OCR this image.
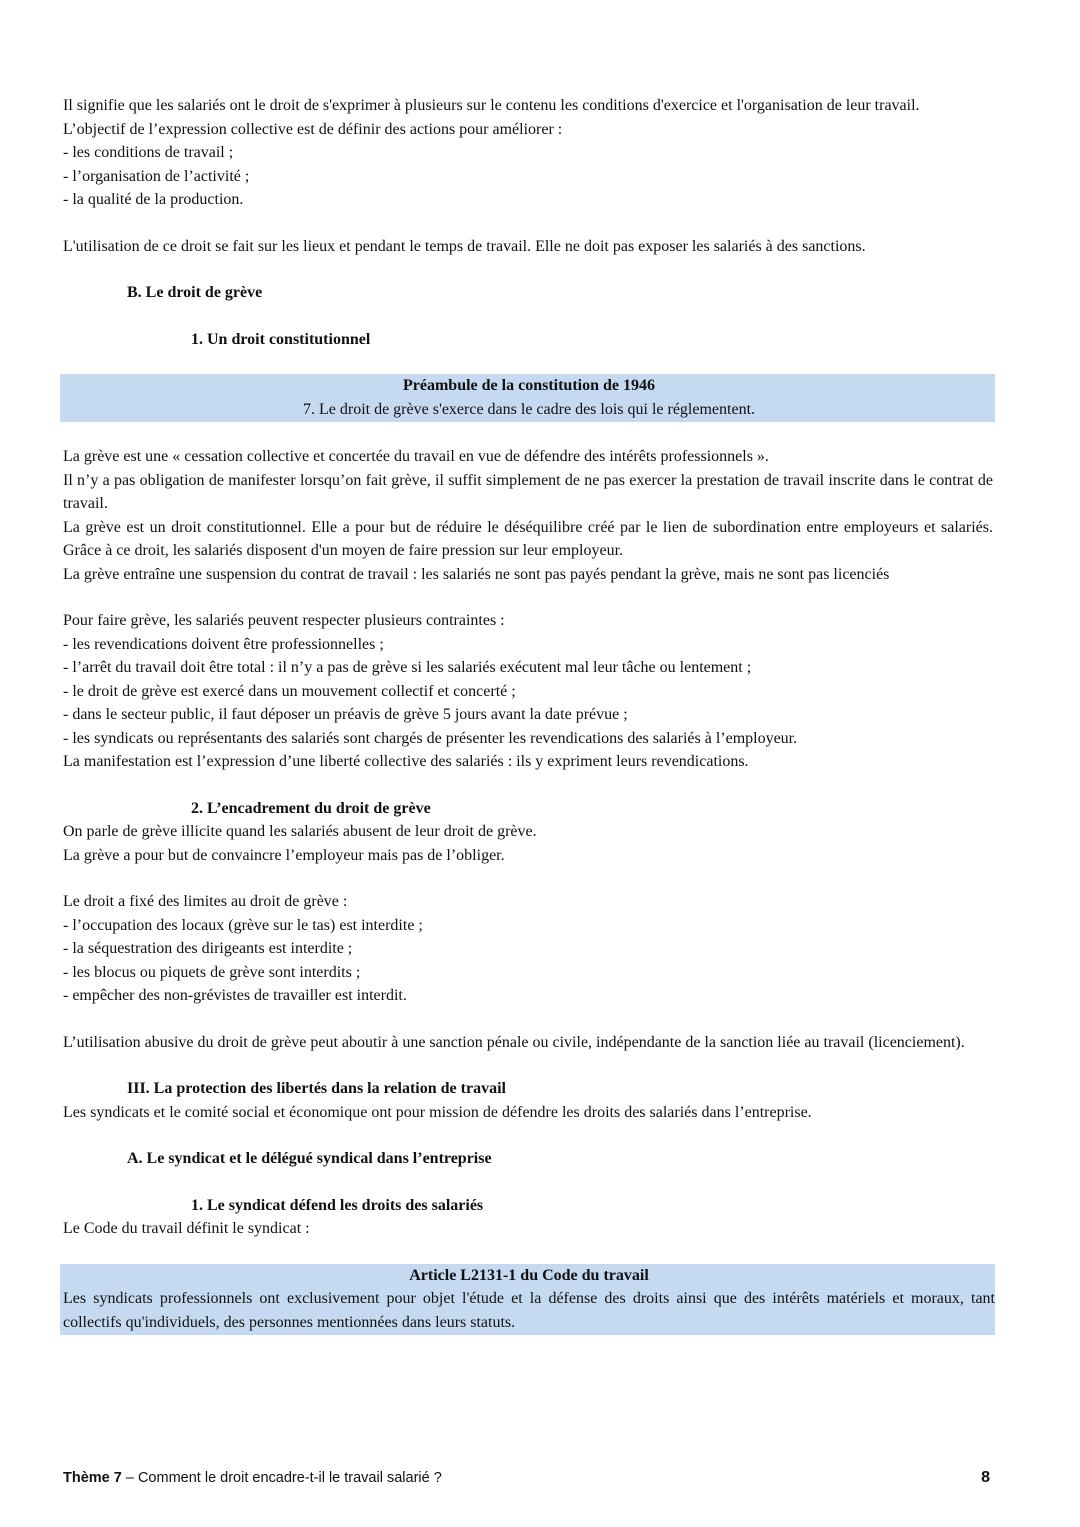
Il signifie que les salariés ont le droit de s'exprimer à plusieurs sur le contenu les conditions d'exercice et l'organisation de leur travail.

L’objectif de l’expression collective est de définir des actions pour améliorer :

- les conditions de travail ;

- l’organisation de l’activité ;

- la qualité de la production.

L'utilisation de ce droit se fait sur les lieux et pendant le temps de travail. Elle ne doit pas exposer les salariés à des sanctions.

B. Le droit de grève
1. Un droit constitutionnel
Préambule de la constitution de 1946
7. Le droit de grève s'exerce dans le cadre des lois qui le réglementent.

La grève est une « cessation collective et concertée du travail en vue de défendre des intérêts professionnels ».

Il n’y a pas obligation de manifester lorsqu’on fait grève, il suffit simplement de ne pas exercer la prestation de travail inscrite dans le contrat de travail.

La grève est un droit constitutionnel. Elle a pour but de réduire le déséquilibre créé par le lien de subordination entre employeurs et salariés. Grâce à ce droit, les salariés disposent d'un moyen de faire pression sur leur employeur.

La grève entraîne une suspension du contrat de travail : les salariés ne sont pas payés pendant la grève, mais ne sont pas licenciés

Pour faire grève, les salariés peuvent respecter plusieurs contraintes :

- les revendications doivent être professionnelles ;

- l’arrêt du travail doit être total : il n’y a pas de grève si les salariés exécutent mal leur tâche ou lentement ;

- le droit de grève est exercé dans un mouvement collectif et concerté ;

- dans le secteur public, il faut déposer un préavis de grève 5 jours avant la date prévue ;

- les syndicats ou représentants des salariés sont chargés de présenter les revendications des salariés à l’employeur.

La manifestation est l’expression d’une liberté collective des salariés : ils y expriment leurs revendications.

2. L’encadrement du droit de grève

On parle de grève illicite quand les salariés abusent de leur droit de grève.

La grève a pour but de convaincre l’employeur mais pas de l’obliger.

Le droit a fixé des limites au droit de grève :

- l’occupation des locaux (grève sur le tas) est interdite ;

- la séquestration des dirigeants est interdite ;

- les blocus ou piquets de grève sont interdits ;

- empêcher des non-grévistes de travailler est interdit.

L’utilisation abusive du droit de grève peut aboutir à une sanction pénale ou civile, indépendante de la sanction liée au travail (licenciement).

III. La protection des libertés dans la relation de travail

Les syndicats et le comité social et économique ont pour mission de défendre les droits des salariés dans l’entreprise.

A. Le syndicat et le délégué syndical dans l’entreprise
1. Le syndicat défend les droits des salariés

Le Code du travail définit le syndicat :

Article L2131-1 du Code du travail
Les syndicats professionnels ont exclusivement pour objet l'étude et la défense des droits ainsi que des intérêts matériels et moraux, tant collectifs qu'individuels, des personnes mentionnées dans leurs statuts.
Thème 7 – Comment le droit encadre-t-il le travail salarié ?	8
